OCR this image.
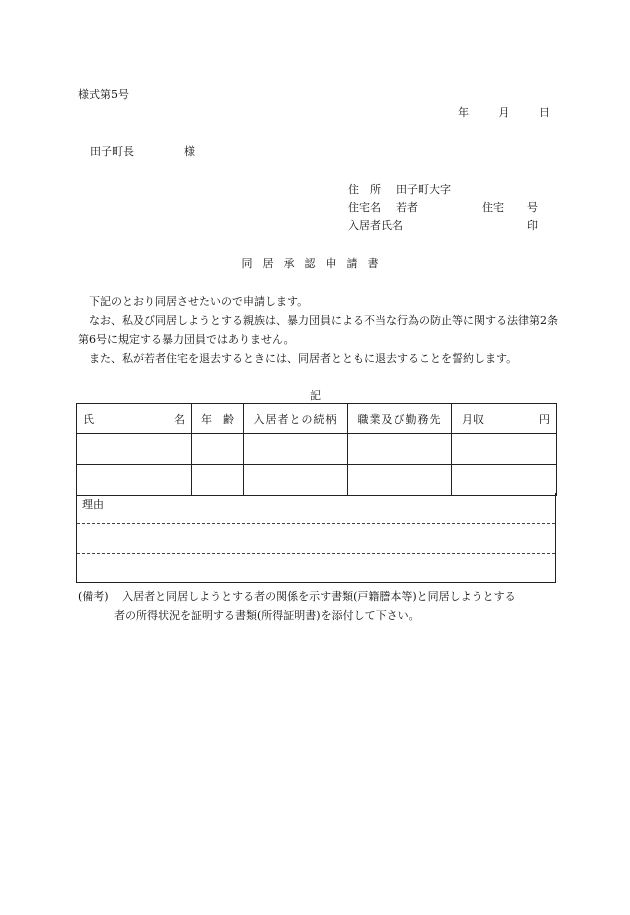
様式第5号
年	月	日
田子町長	様
住　所 田子町大字
住宅名 若者	住宅 号
入居者氏名	印
同居承認申請書
下記のとおり同居させたいので申請します。
なお、私及び同居しようとする親族は、暴力団員による不当な行為の防止等に関する法律第2条第6号に規定する暴力団員ではありません。
また、私が若者住宅を退去するときには、同居者とともに退去することを誓約します。
記
氏 名	年　齢	入居者との続柄	職業及び勤務先	月収 円

理由
(備考) 入居者と同居しようとする者の関係を示す書類(戸籍謄本等)と同居しようとする
者の所得状況を証明する書類(所得証明書)を添付して下さい。
